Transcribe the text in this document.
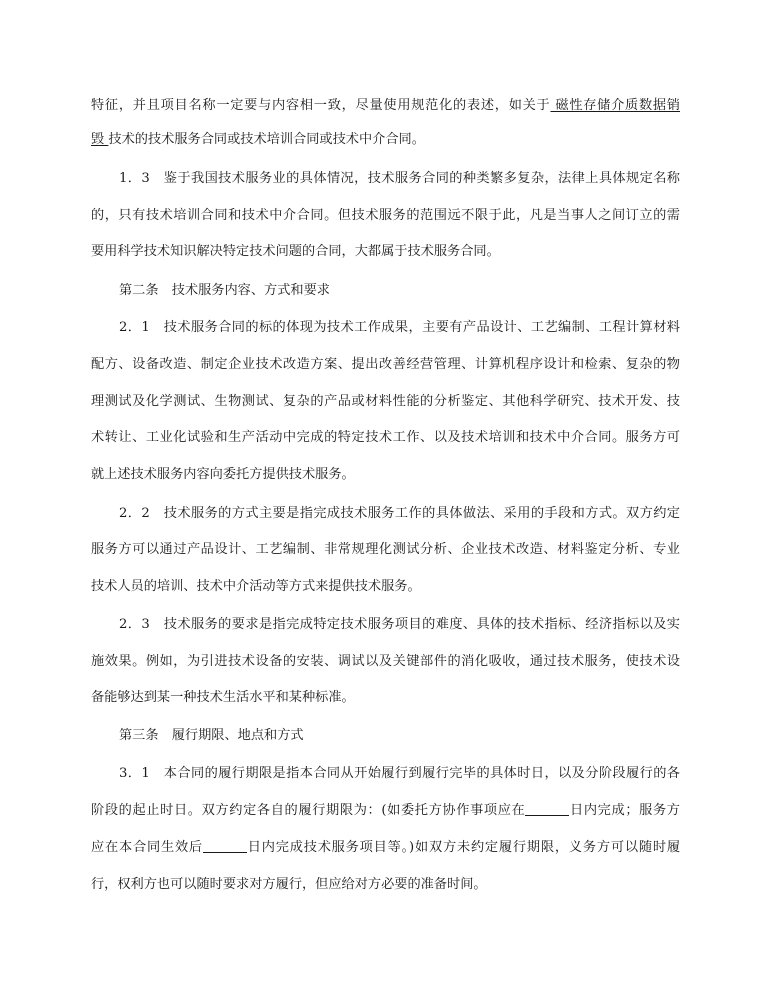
特征，并且项目名称一定要与内容相一致，尽量使用规范化的表述，如关于 磁性存储介质数据销
毁 技术的技术服务合同或技术培训合同或技术中介合同。
1．3　鉴于我国技术服务业的具体情况，技术服务合同的种类繁多复杂，法律上具体规定名称
的，只有技术培训合同和技术中介合同。但技术服务的范围远不限于此，凡是当事人之间订立的需
要用科学技术知识解决特定技术问题的合同，大都属于技术服务合同。
第二条　技术服务内容、方式和要求
2．1　技术服务合同的标的体现为技术工作成果，主要有产品设计、工艺编制、工程计算材料
配方、设备改造、制定企业技术改造方案、提出改善经营管理、计算机程序设计和检索、复杂的物
理测试及化学测试、生物测试、复杂的产品或材料性能的分析鉴定、其他科学研究、技术开发、技
术转让、工业化试验和生产活动中完成的特定技术工作、以及技术培训和技术中介合同。服务方可
就上述技术服务内容向委托方提供技术服务。
2．2　技术服务的方式主要是指完成技术服务工作的具体做法、采用的手段和方式。双方约定
服务方可以通过产品设计、工艺编制、非常规理化测试分析、企业技术改造、材料鉴定分析、专业
技术人员的培训、技术中介活动等方式来提供技术服务。
2．3　技术服务的要求是指完成特定技术服务项目的难度、具体的技术指标、经济指标以及实
施效果。例如，为引进技术设备的安装、调试以及关键部件的消化吸收，通过技术服务，使技术设
备能够达到某一种技术生活水平和某种标准。
第三条　履行期限、地点和方式
3．1　本合同的履行期限是指本合同从开始履行到履行完毕的具体时日，以及分阶段履行的各
阶段的起止时日。双方约定各自的履行期限为：(如委托方协作事项应在	日内完成；服务方
应在本合同生效后	日内完成技术服务项目等。)如双方未约定履行期限，义务方可以随时履
行，权利方也可以随时要求对方履行，但应给对方必要的准备时间。
